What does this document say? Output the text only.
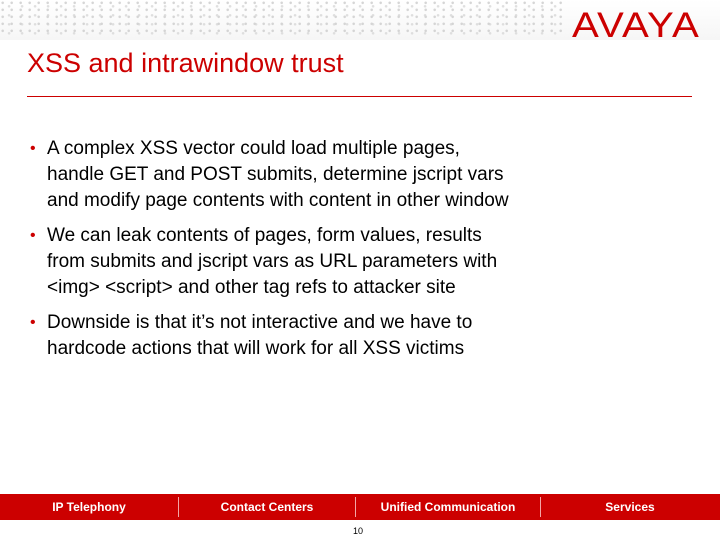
AVAYA
XSS and intrawindow trust
• A complex XSS vector could load multiple pages,
handle GET and POST submits, determine jscript vars
and modify page contents with content in other window
• We can leak contents of pages, form values, results
from submits and jscript vars as URL parameters with
<img> <script> and other tag refs to attacker site
• Downside is that it’s not interactive and we have to
hardcode actions that will work for all XSS victims
IP Telephony	Contact Centers	Unified Communication	Services
10
